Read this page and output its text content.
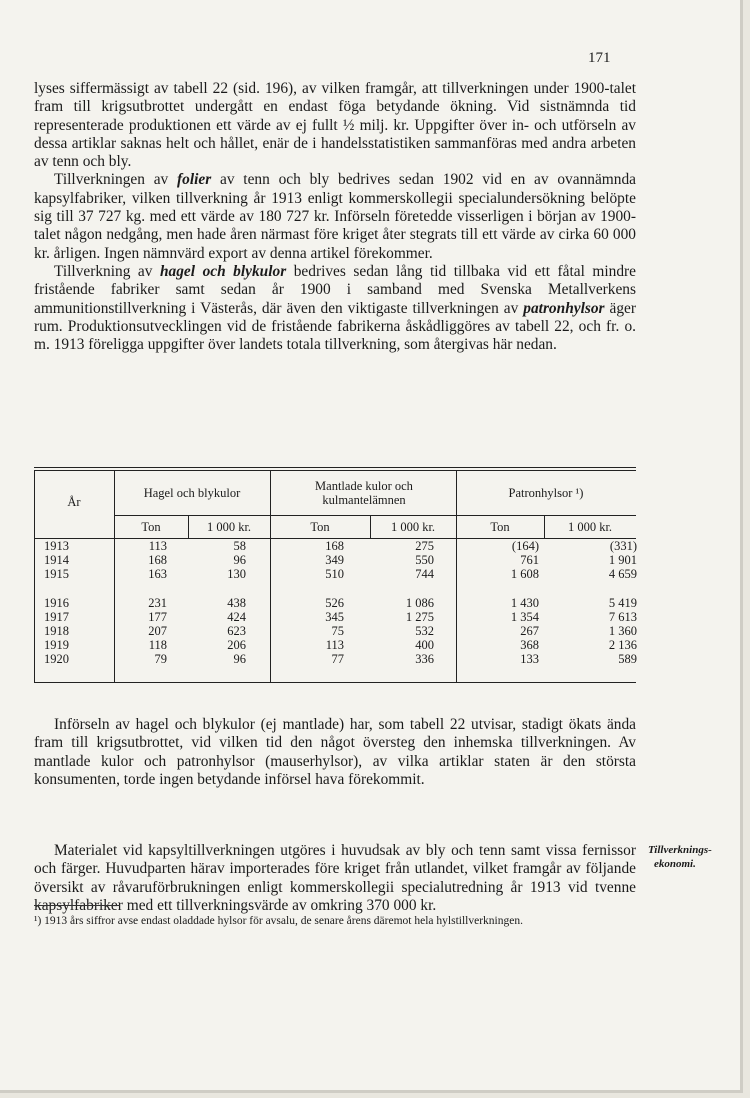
171

lyses siffermässigt av tabell 22 (sid. 196), av vilken framgår, att tillverkningen under 1900-talet fram till krigsutbrottet undergått en endast föga betydande ökning. Vid sistnämnda tid representerade produktionen ett värde av ej fullt ½ milj. kr. Uppgifter över in- och utförseln av dessa artiklar saknas helt och hållet, enär de i handelsstatistiken sammanföras med andra arbeten av tenn och bly.

Tillverkningen av folier av tenn och bly bedrives sedan 1902 vid en av ovannämnda kapsylfabriker, vilken tillverkning år 1913 enligt kommerskollegii specialundersökning belöpte sig till 37 727 kg. med ett värde av 180 727 kr. Införseln företedde visserligen i början av 1900-talet någon nedgång, men hade åren närmast före kriget åter stegrats till ett värde av cirka 60 000 kr. årligen. Ingen nämnvärd export av denna artikel förekommer.

Tillverkning av hagel och blykulor bedrives sedan lång tid tillbaka vid ett fåtal mindre fristående fabriker samt sedan år 1900 i samband med Svenska Metallverkens ammunitionstillverkning i Västerås, där även den viktigaste tillverkningen av patronhylsor äger rum. Produktionsutvecklingen vid de fristående fabrikerna åskådliggöres av tabell 22, och fr. o. m. 1913 föreligga uppgifter över landets totala tillverkning, som återgivas här nedan.

År
Hagel och blykulor	Mantlade kulor och kulmantelämnen	Patronhylsor ¹)
Ton	1 000 kr.	Ton	1 000 kr.	Ton	1 000 kr.
1913	113	58	168	275	(164)	(331)
1914	168	96	349	550	761	1 901
1915	163	130	510	744	1 608	4 659
1916	231	438	526	1 086	1 430	5 419
1917	177	424	345	1 275	1 354	7 613
1918	207	623	75	532	267	1 360
1919	118	206	113	400	368	2 136
1920	79	96	77	336	133	589

Införseln av hagel och blykulor (ej mantlade) har, som tabell 22 utvisar, stadigt ökats ända fram till krigsutbrottet, vid vilken tid den något översteg den inhemska tillverkningen. Av mantlade kulor och patronhylsor (mauserhylsor), av vilka artiklar staten är den största konsumenten, torde ingen betydande införsel hava förekommit.

Materialet vid kapsyltillverkningen utgöres i huvudsak av bly och tenn samt vissa fernissor och färger. Huvudparten härav importerades före kriget från utlandet, vilket framgår av följande översikt av råvaruförbrukningen enligt kommerskollegii specialutredning år 1913 vid tvenne kapsylfabriker med ett tillverkningsvärde av omkring 370 000 kr.

Tillverknings-
ekonomi.
¹) 1913 års siffror avse endast oladdade hylsor för avsalu, de senare årens däremot hela hylstillverkningen.
